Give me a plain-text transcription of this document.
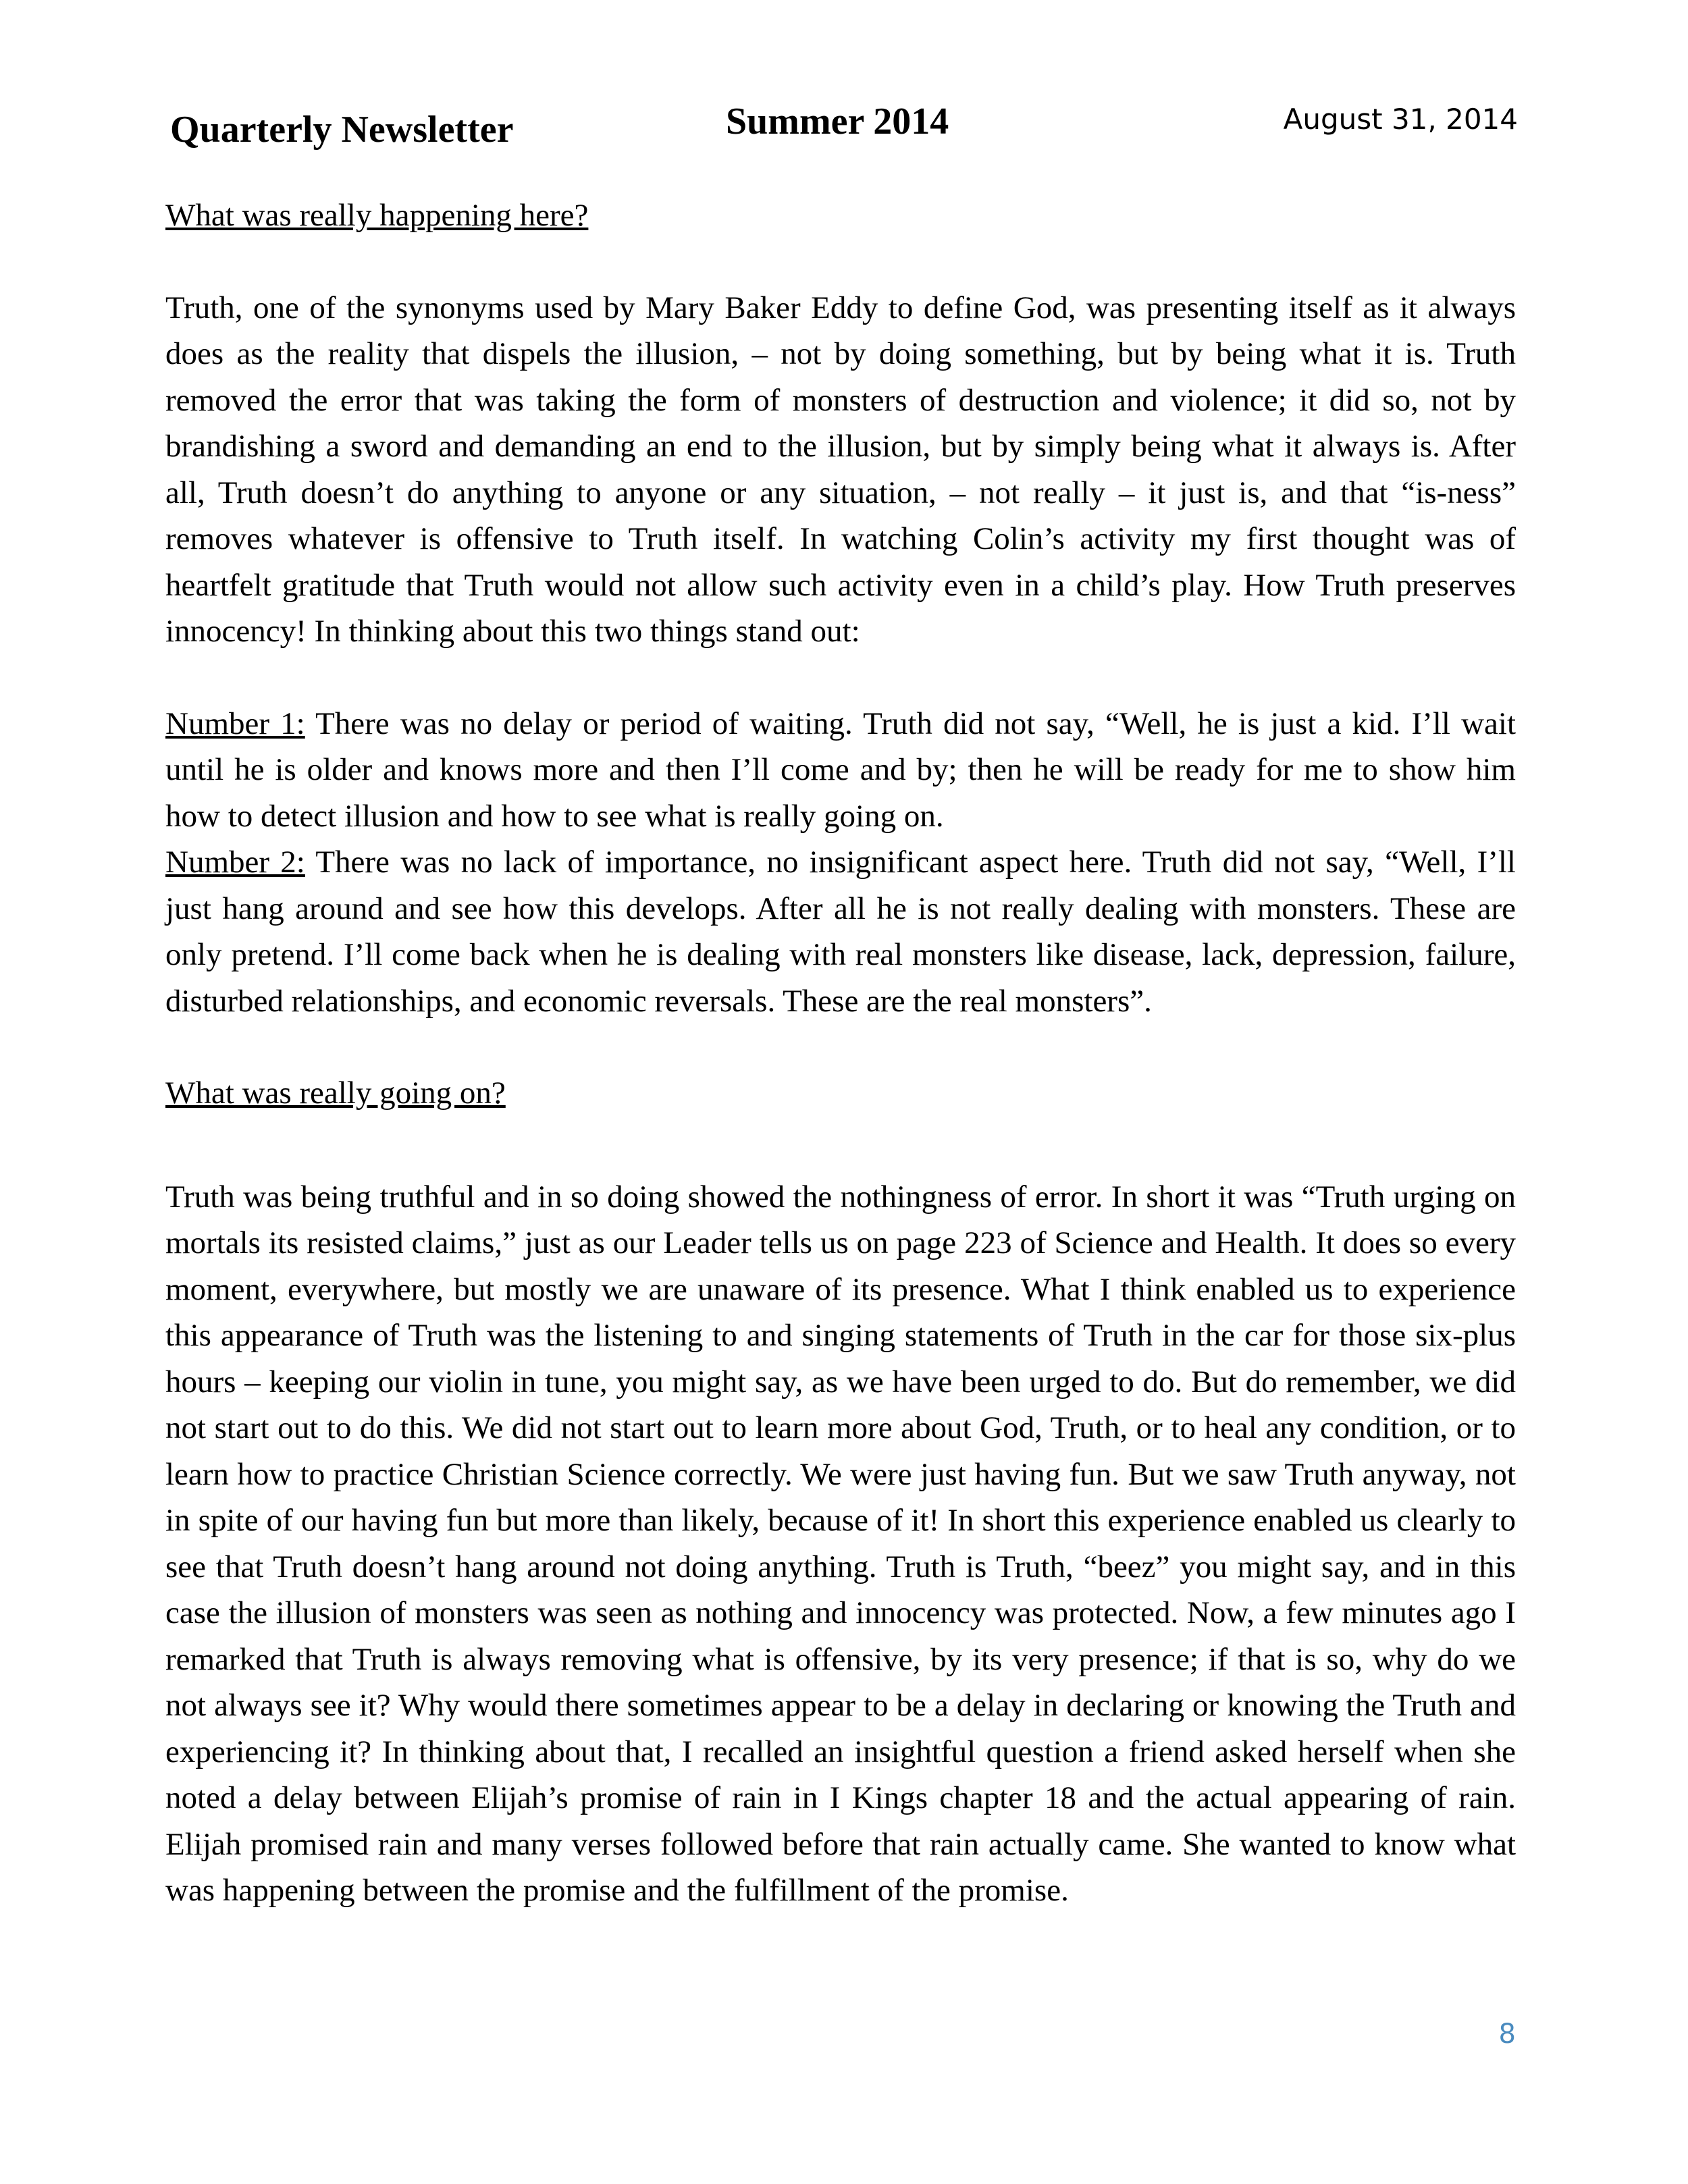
Quarterly Newsletter	Summer 2014	August 31, 2014

What was really happening here?

Truth, one of the synonyms used by Mary Baker Eddy to define God, was presenting itself as it always does as the reality that dispels the illusion, – not by doing something, but by being what it is. Truth removed the error that was taking the form of monsters of destruction and violence; it did so, not by brandishing a sword and demanding an end to the illusion, but by simply being what it always is. After all, Truth doesn’t do anything to anyone or any situation, – not really – it just is, and that “is-ness” removes whatever is offensive to Truth itself. In watching Colin’s activity my first thought was of heartfelt gratitude that Truth would not allow such activity even in a child’s play. How Truth preserves innocency! In thinking about this two things stand out:

Number 1: There was no delay or period of waiting. Truth did not say, “Well, he is just a kid. I’ll wait until he is older and knows more and then I’ll come and by; then he will be ready for me to show him how to detect illusion and how to see what is really going on.

Number 2: There was no lack of importance, no insignificant aspect here. Truth did not say, “Well, I’ll just hang around and see how this develops. After all he is not really dealing with monsters. These are only pretend. I’ll come back when he is dealing with real monsters like disease, lack, depression, failure, disturbed relationships, and economic reversals. These are the real monsters”.

What was really going on?

Truth was being truthful and in so doing showed the nothingness of error. In short it was “Truth urging on mortals its resisted claims,” just as our Leader tells us on page 223 of Science and Health. It does so every moment, everywhere, but mostly we are unaware of its presence. What I think enabled us to experience this appearance of Truth was the listening to and singing statements of Truth in the car for those six-plus hours – keeping our violin in tune, you might say, as we have been urged to do. But do remember, we did not start out to do this. We did not start out to learn more about God, Truth, or to heal any condition, or to learn how to practice Christian Science correctly. We were just having fun. But we saw Truth anyway, not in spite of our having fun but more than likely, because of it! In short this experience enabled us clearly to see that Truth doesn’t hang around not doing anything. Truth is Truth, “beez” you might say, and in this case the illusion of monsters was seen as nothing and innocency was protected. Now, a few minutes ago I remarked that Truth is always removing what is offensive, by its very presence; if that is so, why do we not always see it? Why would there sometimes appear to be a delay in declaring or knowing the Truth and experiencing it? In thinking about that, I recalled an insightful question a friend asked herself when she noted a delay between Elijah’s promise of rain in I Kings chapter 18 and the actual appearing of rain. Elijah promised rain and many verses followed before that rain actually came. She wanted to know what was happening between the promise and the fulfillment of the promise.

8
